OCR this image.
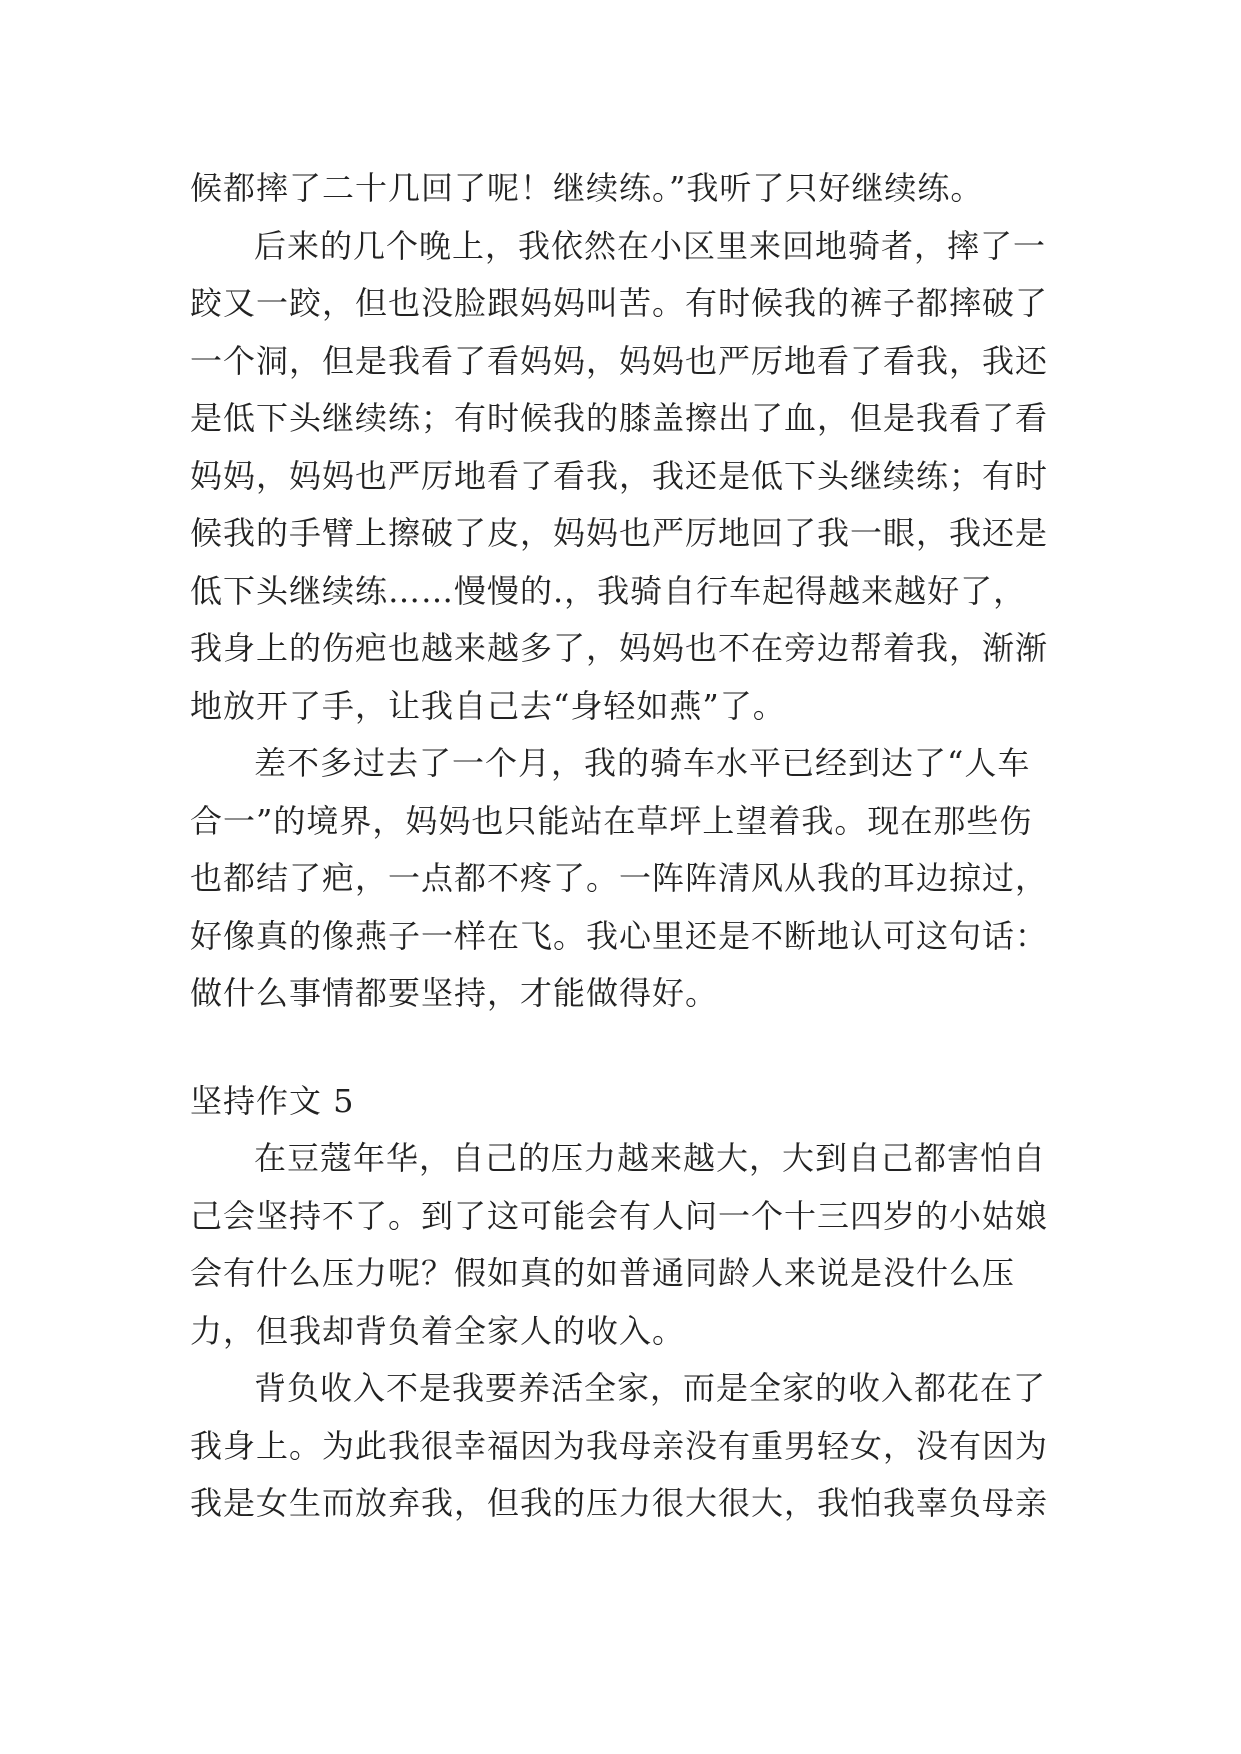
候都摔了二十几回了呢！继续练。”我听了只好继续练。
后来的几个晚上，我依然在小区里来回地骑者，摔了一
跤又一跤，但也没脸跟妈妈叫苦。有时候我的裤子都摔破了
一个洞，但是我看了看妈妈，妈妈也严厉地看了看我，我还
是低下头继续练；有时候我的膝盖擦出了血，但是我看了看
妈妈，妈妈也严厉地看了看我，我还是低下头继续练；有时
候我的手臂上擦破了皮，妈妈也严厉地回了我一眼，我还是
低下头继续练……慢慢的.，我骑自行车起得越来越好了，
我身上的伤疤也越来越多了，妈妈也不在旁边帮着我，渐渐
地放开了手，让我自己去“身轻如燕”了。
差不多过去了一个月，我的骑车水平已经到达了“人车
合一”的境界，妈妈也只能站在草坪上望着我。现在那些伤
也都结了疤，一点都不疼了。一阵阵清风从我的耳边掠过，
好像真的像燕子一样在飞。我心里还是不断地认可这句话：
做什么事情都要坚持，才能做得好。
坚持作文 5
在豆蔻年华，自己的压力越来越大，大到自己都害怕自
己会坚持不了。到了这可能会有人问一个十三四岁的小姑娘
会有什么压力呢？假如真的如普通同龄人来说是没什么压
力，但我却背负着全家人的收入。
背负收入不是我要养活全家，而是全家的收入都花在了
我身上。为此我很幸福因为我母亲没有重男轻女，没有因为
我是女生而放弃我，但我的压力很大很大，我怕我辜负母亲
